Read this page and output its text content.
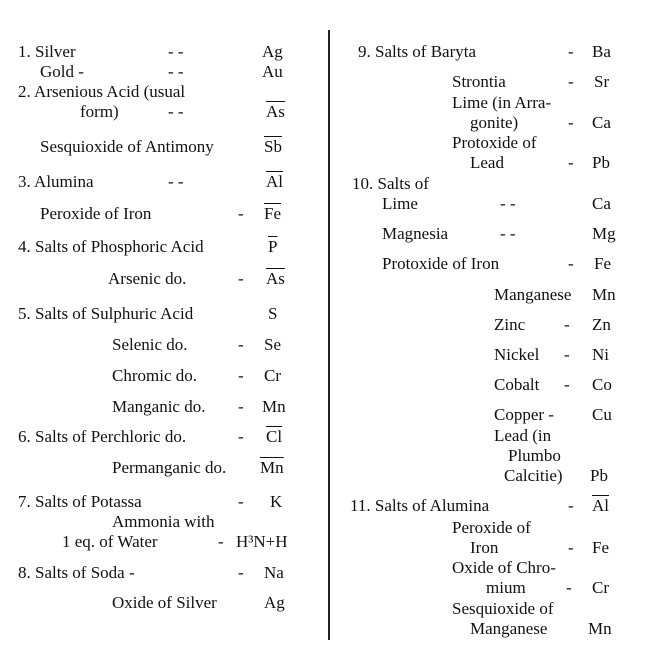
1. Silver	- -	Ag
Gold -	- -	Au
2. Arsenious Acid (usual
form)	- -	$\overline{As}$
Sesquioxide of Antimony	$\overline{Sb}$
3. Alumina	- -	$\overline{Al}$
Peroxide of Iron	- $\overline{Fe}$
4. Salts of Phosphoric Acid	$\overline{P}$
Arsenic do.	- $\overline{As}$
5. Salts of Sulphuric Acid	S
Selenic do.	- Se
Chromic do. - Cr
Manganic do. - Mn
6. Salts of Perchloric do.	- $\overline{Cl}$
Permanganic do. $\overline{Mn}$
7. Salts of Potassa	- K
Ammonia with
1 eq. of Water	- H³N+H
8. Salts of Soda -	- Na
Oxide of Silver	Ag
9. Salts of Baryta	- Ba
Strontia	- Sr
Lime (in Arra-
gonite)	- Ca
Protoxide of
Lead	- Pb
10. Salts of
Lime	- -	Ca
Magnesia	- -	Mg
Protoxide of Iron	- Fe
Manganese Mn
Zinc - Zn
Nickel - Ni
Cobalt - Co
Copper - Cu
Lead (in
Plumbo
Calcitie) Pb
11. Salts of Alumina	- $\overline{Al}$
Peroxide of
Iron	- Fe
Oxide of Chro-
mium - Cr
Sesquioxide of
Manganese Mn
